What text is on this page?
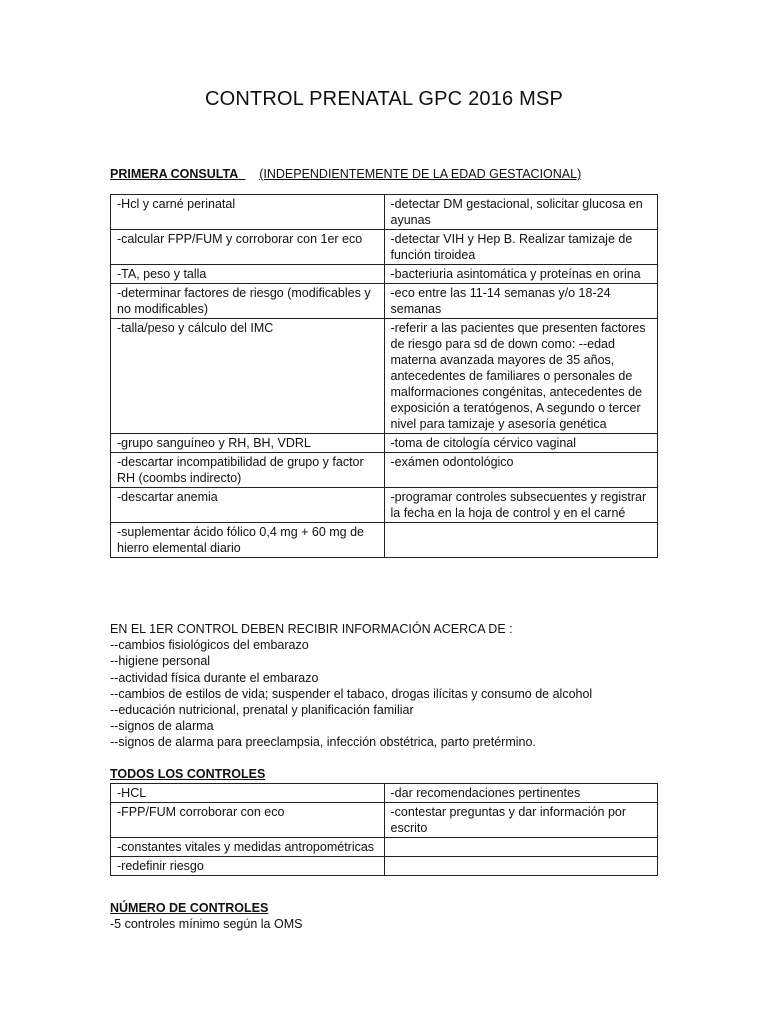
CONTROL PRENATAL GPC 2016 MSP
PRIMERA CONSULTA (INDEPENDIENTEMENTE DE LA EDAD GESTACIONAL)
-Hcl y carné perinatal	-detectar DM gestacional, solicitar glucosa en ayunas
-calcular FPP/FUM y corroborar con 1er eco	-detectar VIH y Hep B. Realizar tamizaje de función tiroidea
-TA, peso y talla	-bacteriuria asintomática y proteínas en orina
-determinar factores de riesgo (modificables y no modificables)	-eco entre las 11-14 semanas y/o 18-24 semanas
-talla/peso y cálculo del IMC	-referir a las pacientes que presenten factores de riesgo para sd de down como: --edad materna avanzada mayores de 35 años, antecedentes de familiares o personales de malformaciones congénitas, antecedentes de exposición a teratógenos, A segundo o tercer nivel para tamizaje y asesoría genética
-grupo sanguíneo y RH, BH, VDRL	-toma de citología cérvico vaginal
-descartar incompatibilidad de grupo y factor RH (coombs indirecto)	-exámen odontológico
-descartar anemia	-programar controles subsecuentes y registrar la fecha en la hoja de control y en el carné
-suplementar ácido fólico 0,4 mg + 60 mg de hierro elemental diario	
EN EL 1ER CONTROL DEBEN RECIBIR INFORMACIÓN ACERCA DE :
--cambios fisiológicos del embarazo
--higiene personal
--actividad física durante el embarazo
--cambios de estilos de vida; suspender el tabaco, drogas ilícitas y consumo de alcohol
--educación nutricional, prenatal y planificación familiar
--signos de alarma
--signos de alarma para preeclampsia, infección obstétrica, parto pretérmino.
TODOS LOS CONTROLES
-HCL	-dar recomendaciones pertinentes
-FPP/FUM corroborar con eco	-contestar preguntas y dar información por escrito
-constantes vitales y medidas antropométricas	
-redefinir riesgo	
NÚMERO DE CONTROLES
-5 controles mínimo según la OMS
